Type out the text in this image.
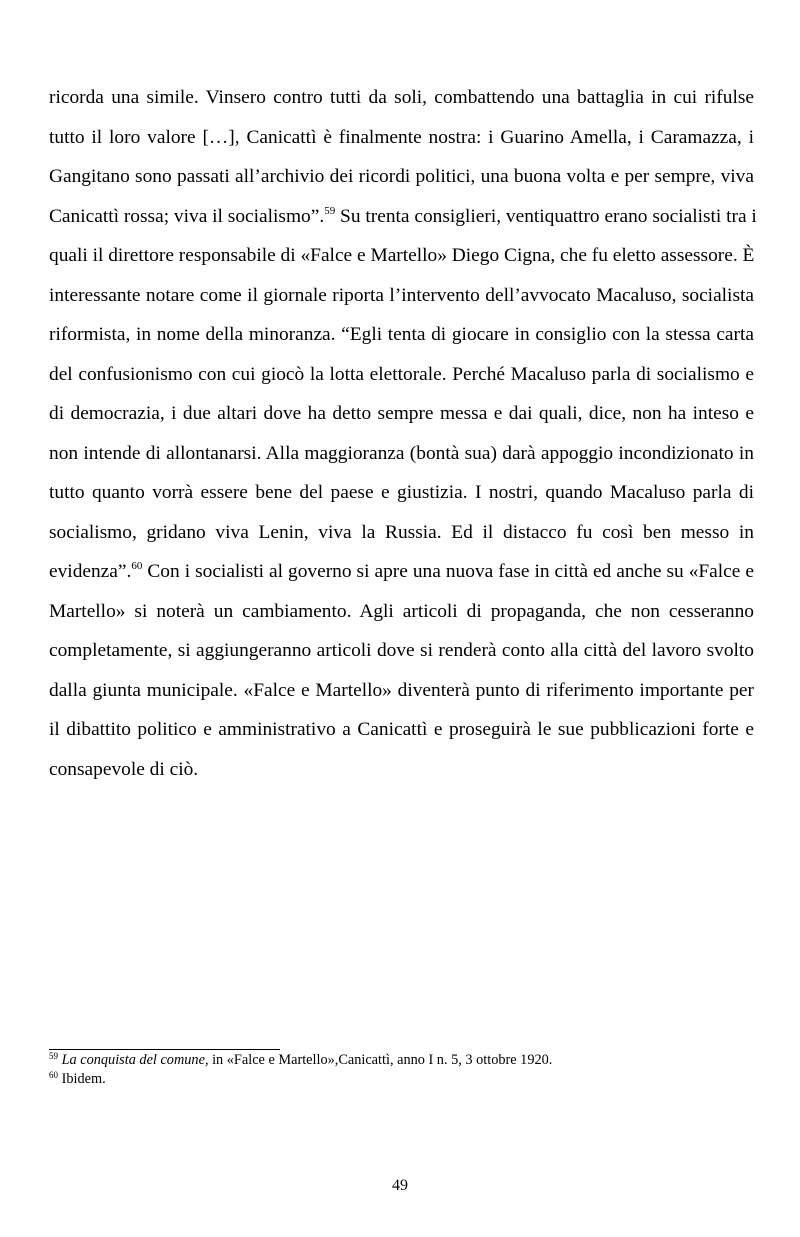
ricorda una simile. Vinsero contro tutti da soli, combattendo una battaglia in cui rifulse
tutto il loro valore […], Canicattì è finalmente nostra: i Guarino Amella, i Caramazza, i
Gangitano sono passati all’archivio dei ricordi politici, una buona volta e per sempre, viva
Canicattì rossa; viva il socialismo”.$^{59}$ Su trenta consiglieri, ventiquattro erano socialisti tra i
quali il direttore responsabile di «Falce e Martello» Diego Cigna, che fu eletto assessore. È
interessante notare come il giornale riporta l’intervento dell’avvocato Macaluso, socialista
riformista, in nome della minoranza. “Egli tenta di giocare in consiglio con la stessa carta
del confusionismo con cui giocò la lotta elettorale. Perché Macaluso parla di socialismo e
di democrazia, i due altari dove ha detto sempre messa e dai quali, dice, non ha inteso e
non intende di allontanarsi. Alla maggioranza (bontà sua) darà appoggio incondizionato in
tutto quanto vorrà essere bene del paese e giustizia. I nostri, quando Macaluso parla di
socialismo, gridano viva Lenin, viva la Russia. Ed il distacco fu così ben messo in
evidenza”.$^{60}$ Con i socialisti al governo si apre una nuova fase in città ed anche su «Falce e
Martello» si noterà un cambiamento. Agli articoli di propaganda, che non cesseranno
completamente, si aggiungeranno articoli dove si renderà conto alla città del lavoro svolto
dalla giunta municipale. «Falce e Martello» diventerà punto di riferimento importante per
il dibattito politico e amministrativo a Canicattì e proseguirà le sue pubblicazioni forte e
consapevole di ciò.
$^{59}$ La conquista del comune, in «Falce e Martello»,Canicattì, anno I n. 5, 3 ottobre 1920.
$^{60}$ Ibidem.
49
